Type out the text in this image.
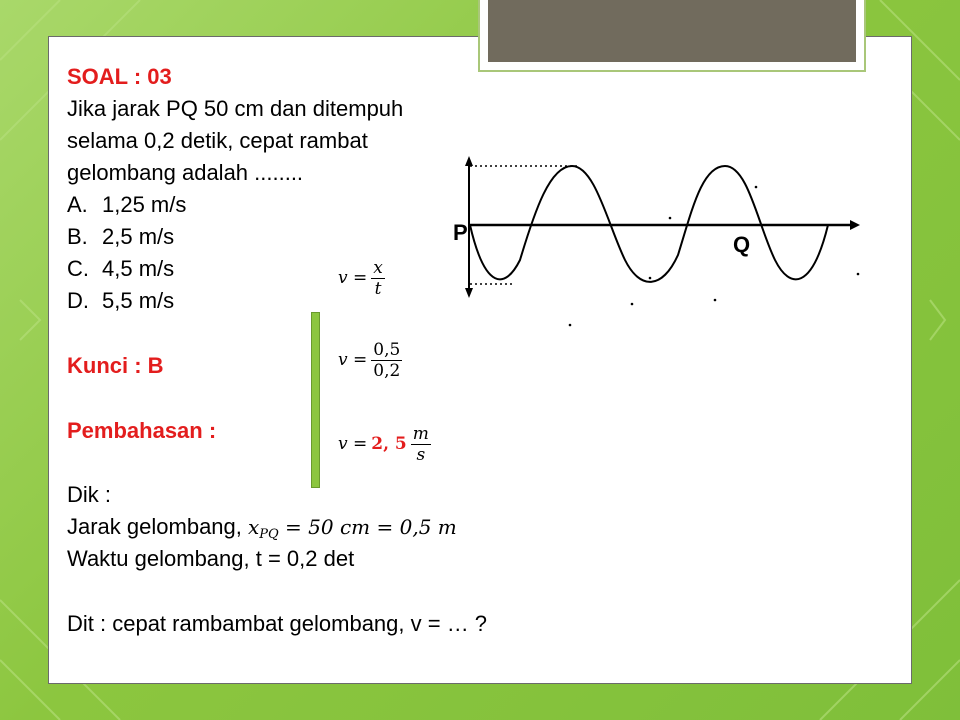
SOAL : 03
Jika jarak PQ 50 cm dan ditempuh
selama 0,2 detik, cepat rambat
gelombang adalah ........
A. 1,25 m/s
B. 2,5 m/s
C. 4,5 m/s
D. 5,5 m/s
Kunci : B
Pembahasan :
Dik :
Jarak gelombang, $x_{PQ} = 50$ cm = 0,5 m
Waktu gelombang, t = 0,2 det
Dit : cepat rambambat gelombang, v = … ?
$v = \frac{x}{t}$
$v = \frac{0,5}{0,2}$
v = 2, $5 \frac{m}{s}$
P	Q
